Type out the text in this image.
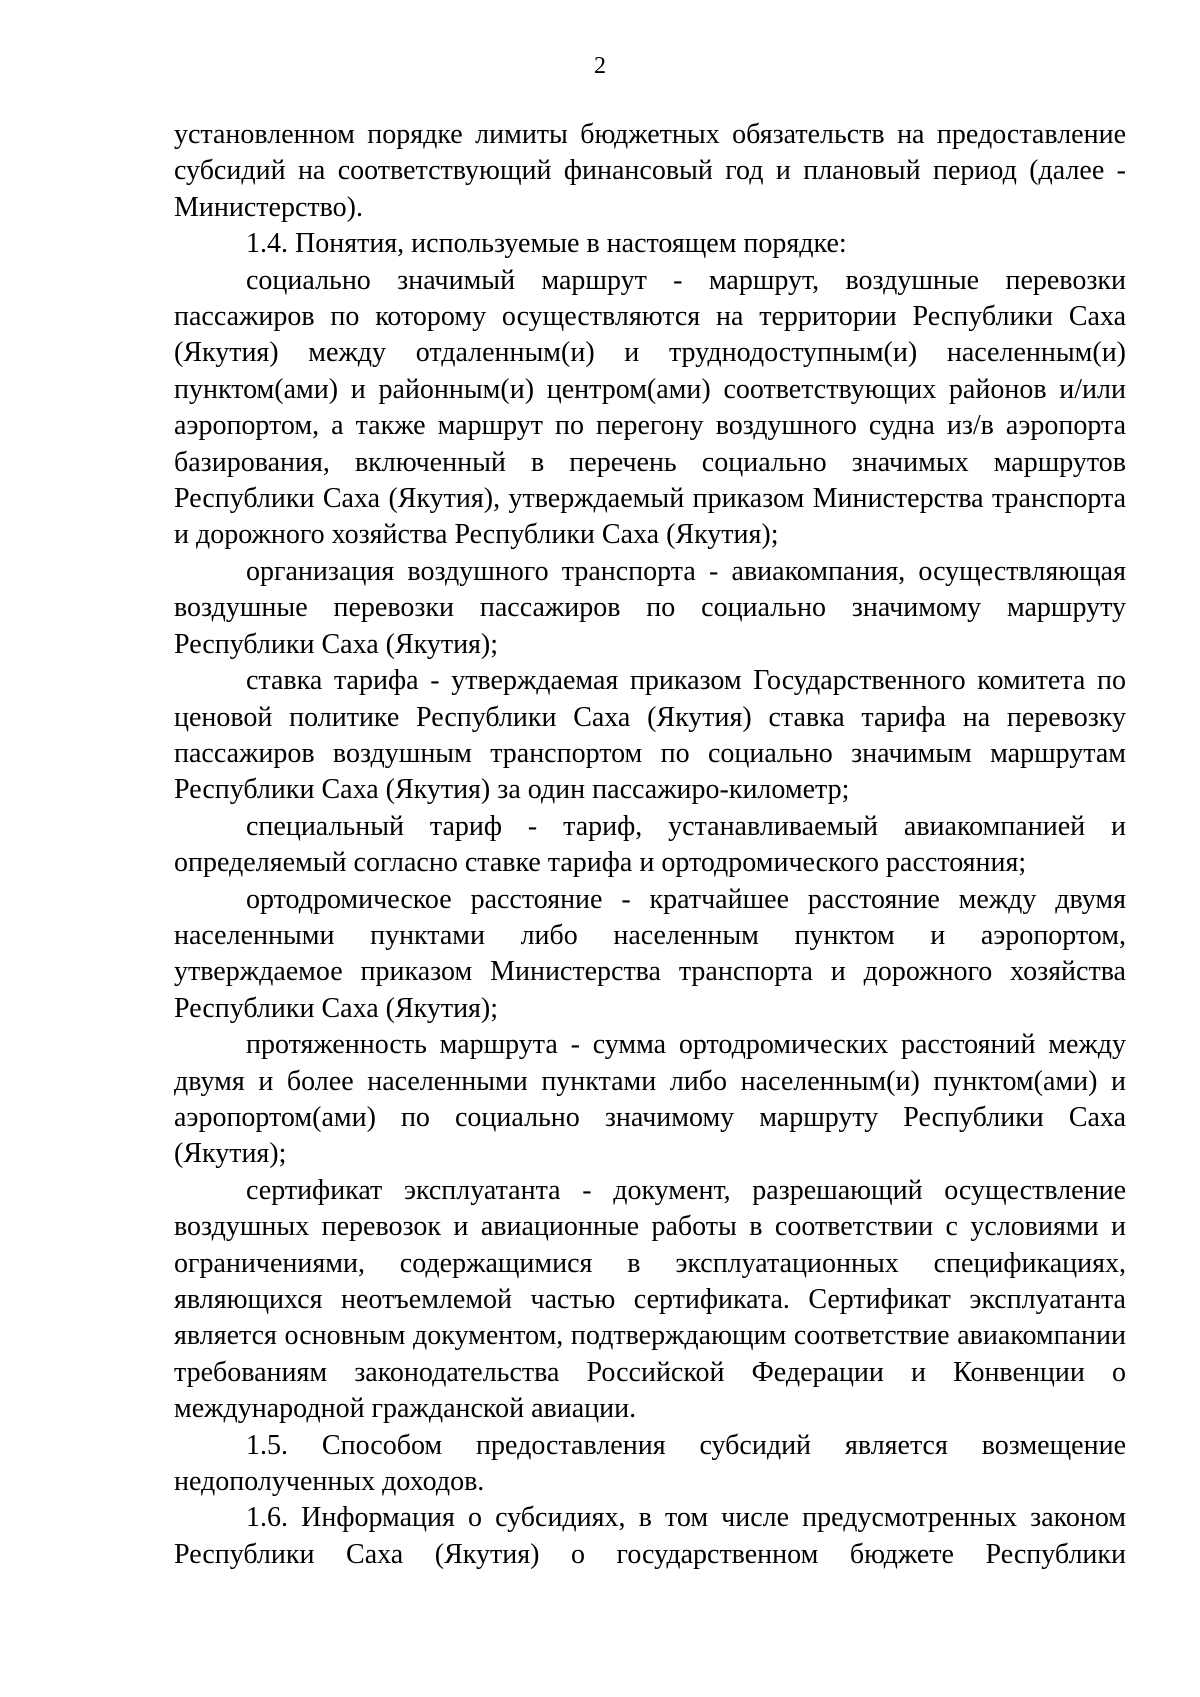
2

установленном порядке лимиты бюджетных обязательств на предоставление субсидий на соответствующий финансовый год и плановый период (далее - Министерство).

1.4. Понятия, используемые в настоящем порядке:

социально значимый маршрут - маршрут, воздушные перевозки пассажиров по которому осуществляются на территории Республики Саха (Якутия) между отдаленным(и) и труднодоступным(и) населенным(и) пунктом(ами) и районным(и) центром(ами) соответствующих районов и/или аэропортом, а также маршрут по перегону воздушного судна из/в аэропорта базирования, включенный в перечень социально значимых маршрутов Республики Саха (Якутия), утверждаемый приказом Министерства транспорта и дорожного хозяйства Республики Саха (Якутия);

организация воздушного транспорта - авиакомпания, осуществляющая воздушные перевозки пассажиров по социально значимому маршруту Республики Саха (Якутия);

ставка тарифа - утверждаемая приказом Государственного комитета по ценовой политике Республики Саха (Якутия) ставка тарифа на перевозку пассажиров воздушным транспортом по социально значимым маршрутам Республики Саха (Якутия) за один пассажиро-километр;

специальный тариф - тариф, устанавливаемый авиакомпанией и определяемый согласно ставке тарифа и ортодромического расстояния;

ортодромическое расстояние - кратчайшее расстояние между двумя населенными пунктами либо населенным пунктом и аэропортом, утверждаемое приказом Министерства транспорта и дорожного хозяйства Республики Саха (Якутия);

протяженность маршрута - сумма ортодромических расстояний между двумя и более населенными пунктами либо населенным(и) пунктом(ами) и аэропортом(ами) по социально значимому маршруту Республики Саха (Якутия);

сертификат эксплуатанта - документ, разрешающий осуществление воздушных перевозок и авиационные работы в соответствии с условиями и ограничениями, содержащимися в эксплуатационных спецификациях, являющихся неотъемлемой частью сертификата. Сертификат эксплуатанта является основным документом, подтверждающим соответствие авиакомпании требованиям законодательства Российской Федерации и Конвенции о международной гражданской авиации.

1.5. Способом предоставления субсидий является возмещение недополученных доходов.

1.6. Информация о субсидиях, в том числе предусмотренных законом Республики Саха (Якутия) о государственном бюджете Республики
